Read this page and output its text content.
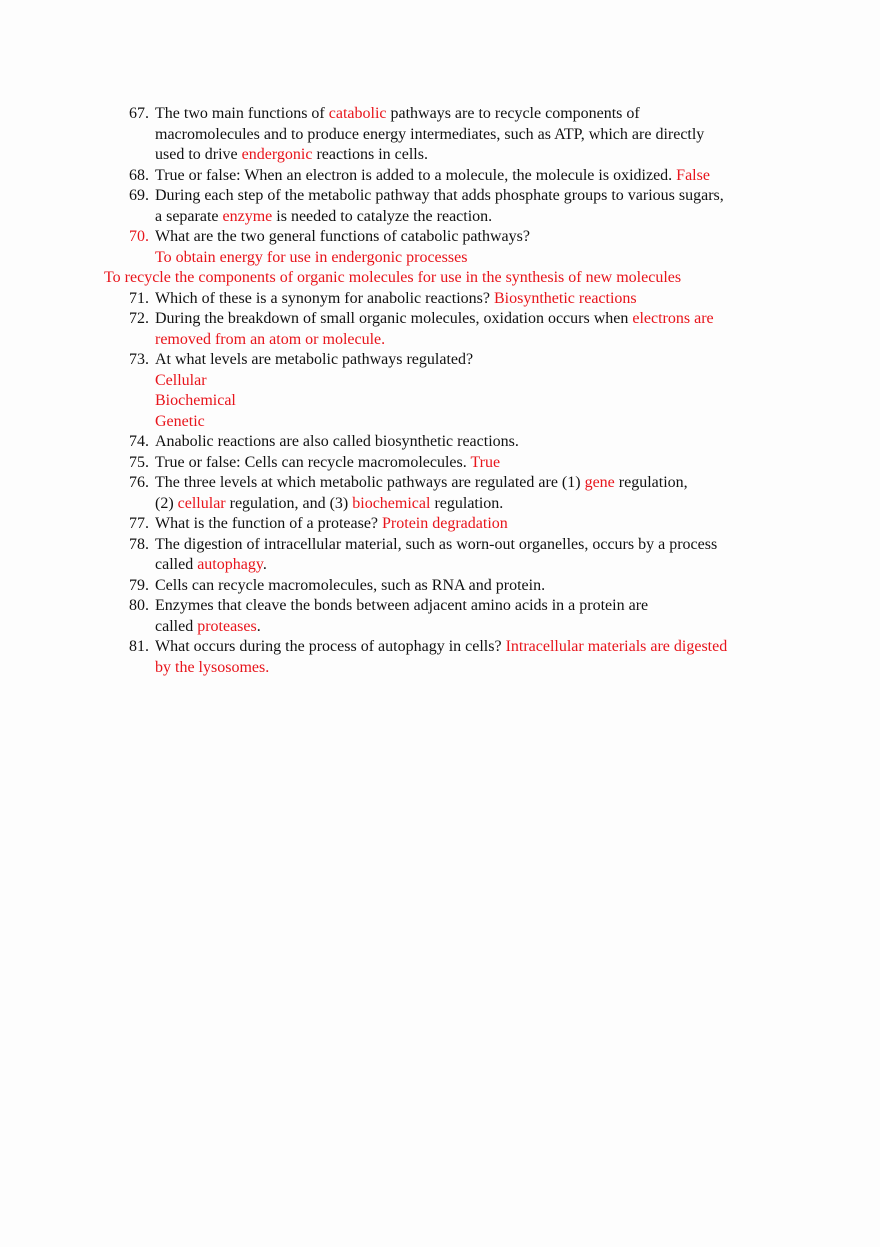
67. The two main functions of catabolic pathways are to recycle components of
macromolecules and to produce energy intermediates, such as ATP, which are directly
used to drive endergonic reactions in cells.
68. True or false: When an electron is added to a molecule, the molecule is oxidized. False
69. During each step of the metabolic pathway that adds phosphate groups to various sugars,
a separate enzyme is needed to catalyze the reaction.
70. What are the two general functions of catabolic pathways?
To obtain energy for use in endergonic processes
To recycle the components of organic molecules for use in the synthesis of new molecules
71. Which of these is a synonym for anabolic reactions? Biosynthetic reactions
72. During the breakdown of small organic molecules, oxidation occurs when electrons are
removed from an atom or molecule.
73. At what levels are metabolic pathways regulated?
Cellular
Biochemical
Genetic
74. Anabolic reactions are also called biosynthetic reactions.
75. True or false: Cells can recycle macromolecules. True
76. The three levels at which metabolic pathways are regulated are (1) gene regulation,
(2) cellular regulation, and (3) biochemical regulation.
77. What is the function of a protease? Protein degradation
78. The digestion of intracellular material, such as worn-out organelles, occurs by a process
called autophagy.
79. Cells can recycle macromolecules, such as RNA and protein.
80. Enzymes that cleave the bonds between adjacent amino acids in a protein are
called proteases.
81. What occurs during the process of autophagy in cells? Intracellular materials are digested
by the lysosomes.
